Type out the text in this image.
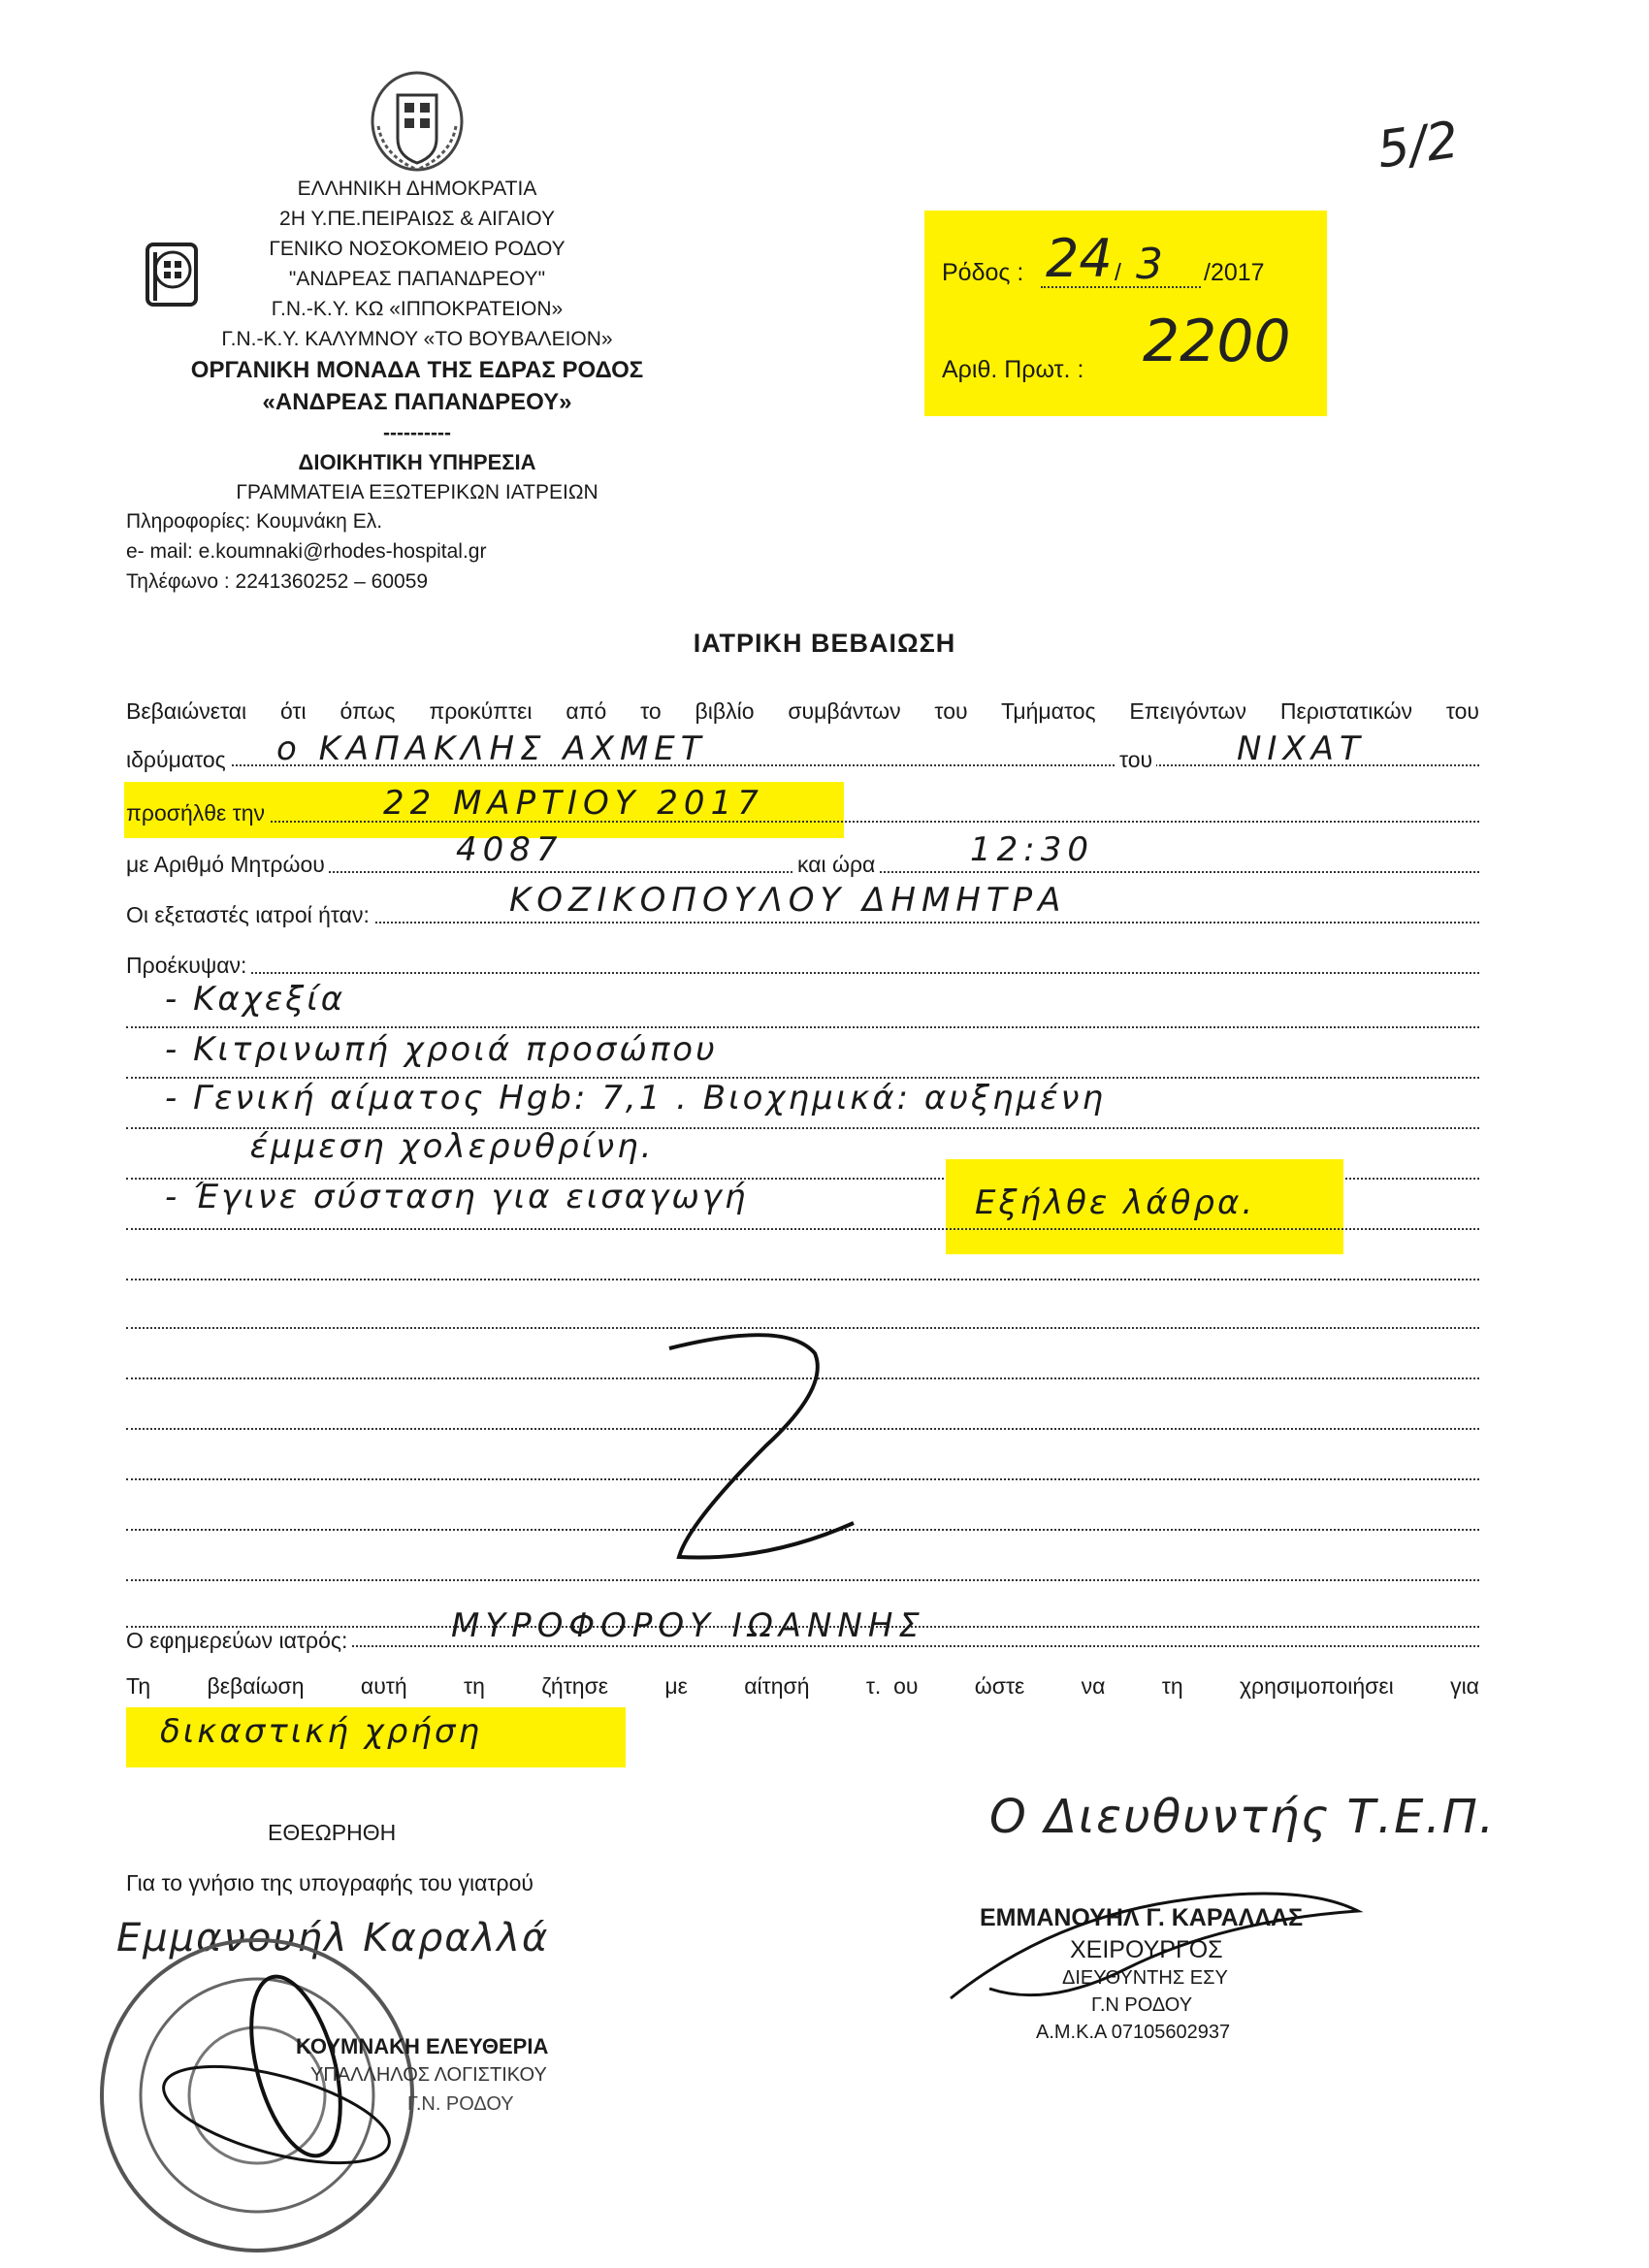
ΕΛΛΗΝΙΚΗ ΔΗΜΟΚΡΑΤΙΑ
2Η Υ.ΠΕ.ΠΕΙΡΑΙΩΣ & ΑΙΓΑΙΟΥ
ΓΕΝΙΚΟ ΝΟΣΟΚΟΜΕΙΟ ΡΟΔΟΥ
"ΑΝΔΡΕΑΣ ΠΑΠΑΝΔΡΕΟΥ"
Γ.Ν.-Κ.Υ. ΚΩ «ΙΠΠΟΚΡΑΤΕΙΟΝ»
Γ.Ν.-Κ.Υ. ΚΑΛΥΜΝΟΥ «ΤΟ ΒΟΥΒΑΛΕΙΟΝ»
ΟΡΓΑΝΙΚΗ ΜΟΝΑΔΑ ΤΗΣ ΕΔΡΑΣ ΡΟΔΟΣ
«ΑΝΔΡΕΑΣ ΠΑΠΑΝΔΡΕΟΥ»
----------
ΔΙΟΙΚΗΤΙΚΗ ΥΠΗΡΕΣΙΑ
ΓΡΑΜΜΑΤΕΙΑ ΕΞΩΤΕΡΙΚΩΝ ΙΑΤΡΕΙΩΝ
Πληροφορίες: Κουμνάκη Ελ.
e- mail: e.koumnaki@rhodes-hospital.gr
Τηλέφωνο : 2241360252 – 60059
5/2
Ρόδος : 24 / 3 /2017
Αριθ. Πρωτ. : 2200
ΙΑΤΡΙΚΗ ΒΕΒΑΙΩΣΗ
Βεβαιώνεται ότι όπως προκύπτει από το βιβλίο συμβάντων του Τμήματος Επειγόντων Περιστατικών του
ιδρύματος ο ΚΑΠΑΚΛΗΣ ΑΧΜΕΤ	του	ΝΙΧΑΤ
προσήλθε την	22 ΜΑΡΤΙΟΥ 2017
με Αριθμό Μητρώου	4087	και ώρα	12:30
Οι εξεταστές ιατροί ήταν:	ΚΟΖΙΚΟΠΟΥΛΟΥ ΔΗΜΗΤΡΑ
Προέκυψαν:
- Καχεξία
- Κιτρινωπή χροιά προσώπου
- Γενική αίματος Hgb: 7,1 . Βιοχημικά: αυξημένη
έμμεση χολερυθρίνη.
- Έγινε σύσταση για εισαγωγή	Εξήλθε λάθρα.
Ο εφημερεύων ιατρός:	ΜΥΡΟΦΟΡΟΥ ΙΩΑΝΝΗΣ
Τη	βεβαίωση	αυτή	τη	ζήτησε	με	αίτησή	τ.  ου	ώστε	να	τη	χρησιμοποιήσει	για
δικαστική χρήση
ΕΘΕΩΡΗΘΗ
Για το γνήσιο της υπογραφής του γιατρού
Εμμανουήλ Καραλλά
ΚΟΥΜΝΑΚΗ ΕΛΕΥΘΕΡΙΑ
ΥΠΑΛΛΗΛΟΣ ΛΟΓΙΣΤΙΚΟΥ
Γ.Ν. ΡΟΔΟΥ
Ο Διευθυντής Τ.Ε.Π.
ΕΜΜΑΝΟΥΗΛ Γ. ΚΑΡΑΛΛΑΣ
ΧΕΙΡΟΥΡΓΟΣ
ΔΙΕΥΘΥΝΤΗΣ ΕΣΥ
Γ.Ν ΡΟΔΟΥ
Α.Μ.Κ.Α 07105602937
